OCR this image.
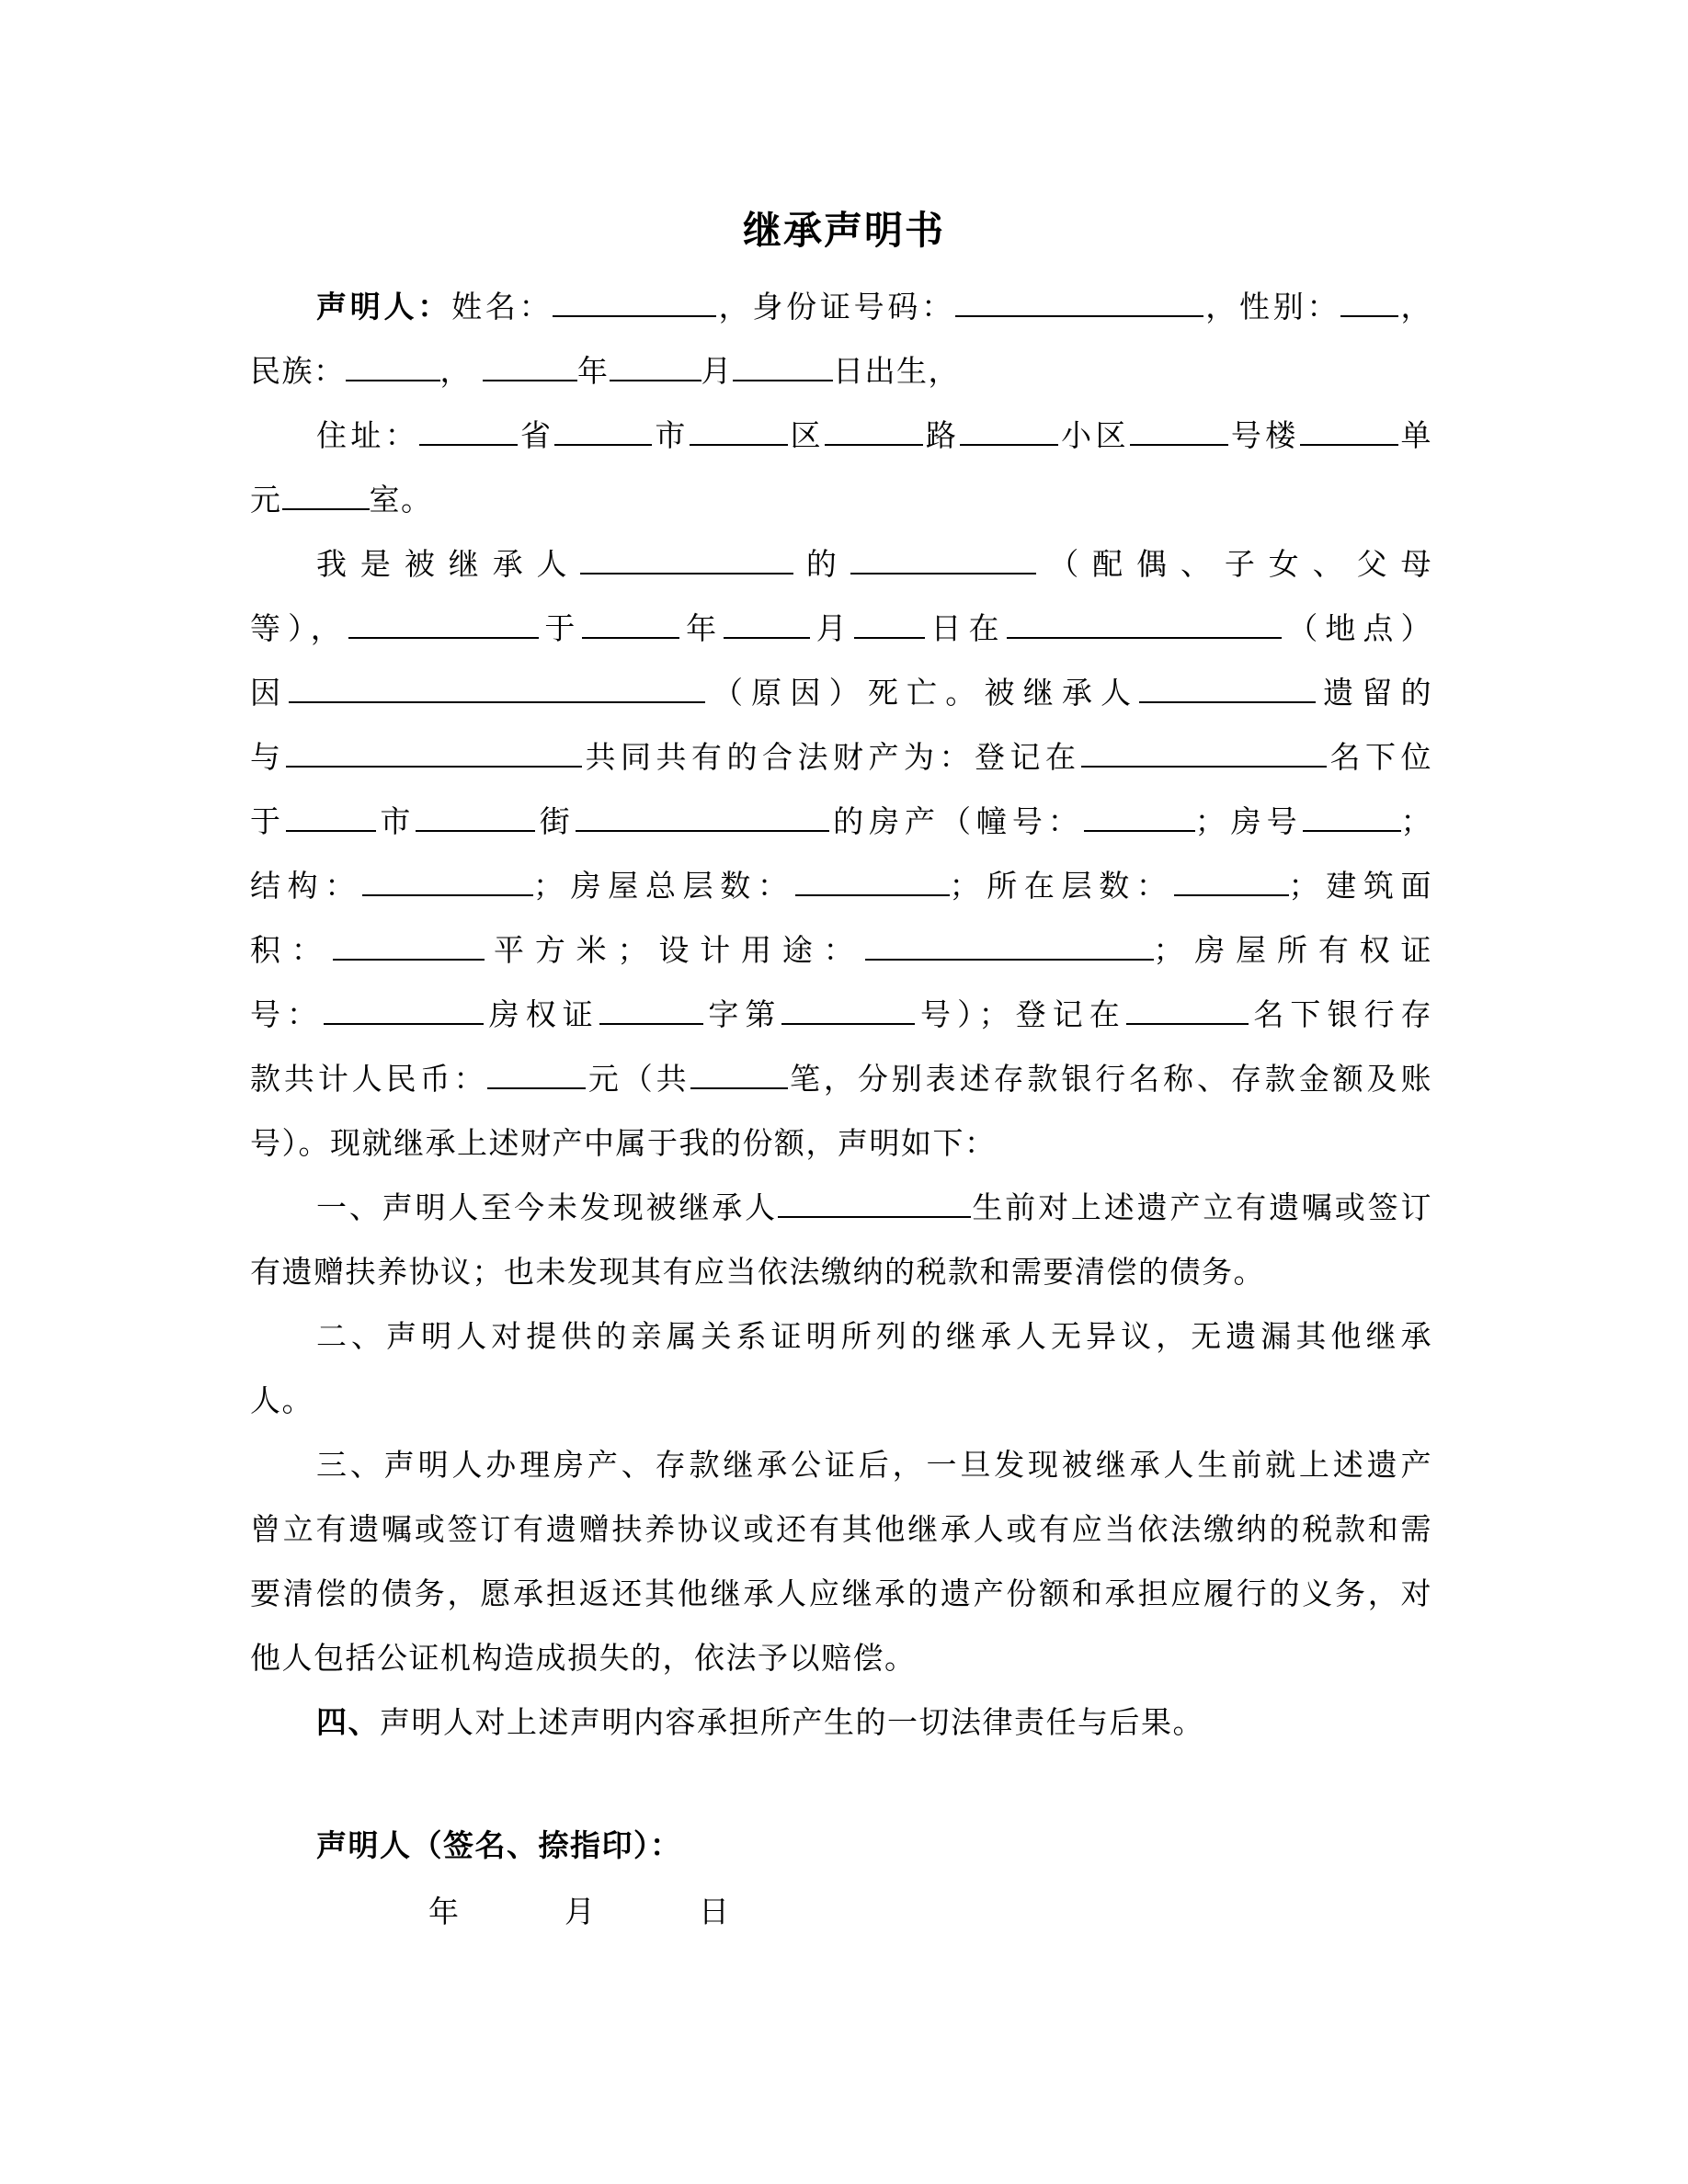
继承声明书
声明人：姓名：	，身份证号码：	，性别： ，
民族：	，	年	月	日出生，
住址：	省	市	区	路	小区	号楼	单
元	室。
我是被继承人	的	（配偶、子女、父母
等），	于	年	月 日在	（地点）
因	（原因）死亡。被继承人	遗留的
与	共同共有的合法财产为：登记在	名下位
于	市	街	的房产（幢号：	；房号	；
结构：	；房屋总层数：	；所在层数：	；建筑面
积：	平方米；设计用途：	；房屋所有权证
号：	房权证	字第	号）；登记在	名下银行存
款共计人民币：	元（共	笔，分别表述存款银行名称、存款金额及账
号）。现就继承上述财产中属于我的份额，声明如下：
一、声明人至今未发现被继承人	生前对上述遗产立有遗嘱或签订
有遗赠扶养协议；也未发现其有应当依法缴纳的税款和需要清偿的债务。
二、声明人对提供的亲属关系证明所列的继承人无异议，无遗漏其他继承
人。
三、声明人办理房产、存款继承公证后，一旦发现被继承人生前就上述遗产
曾立有遗嘱或签订有遗赠扶养协议或还有其他继承人或有应当依法缴纳的税款和需
要清偿的债务，愿承担返还其他继承人应继承的遗产份额和承担应履行的义务，对
他人包括公证机构造成损失的，依法予以赔偿。
四、声明人对上述声明内容承担所产生的一切法律责任与后果。
声明人（签名、捺指印）：
年	月	日
